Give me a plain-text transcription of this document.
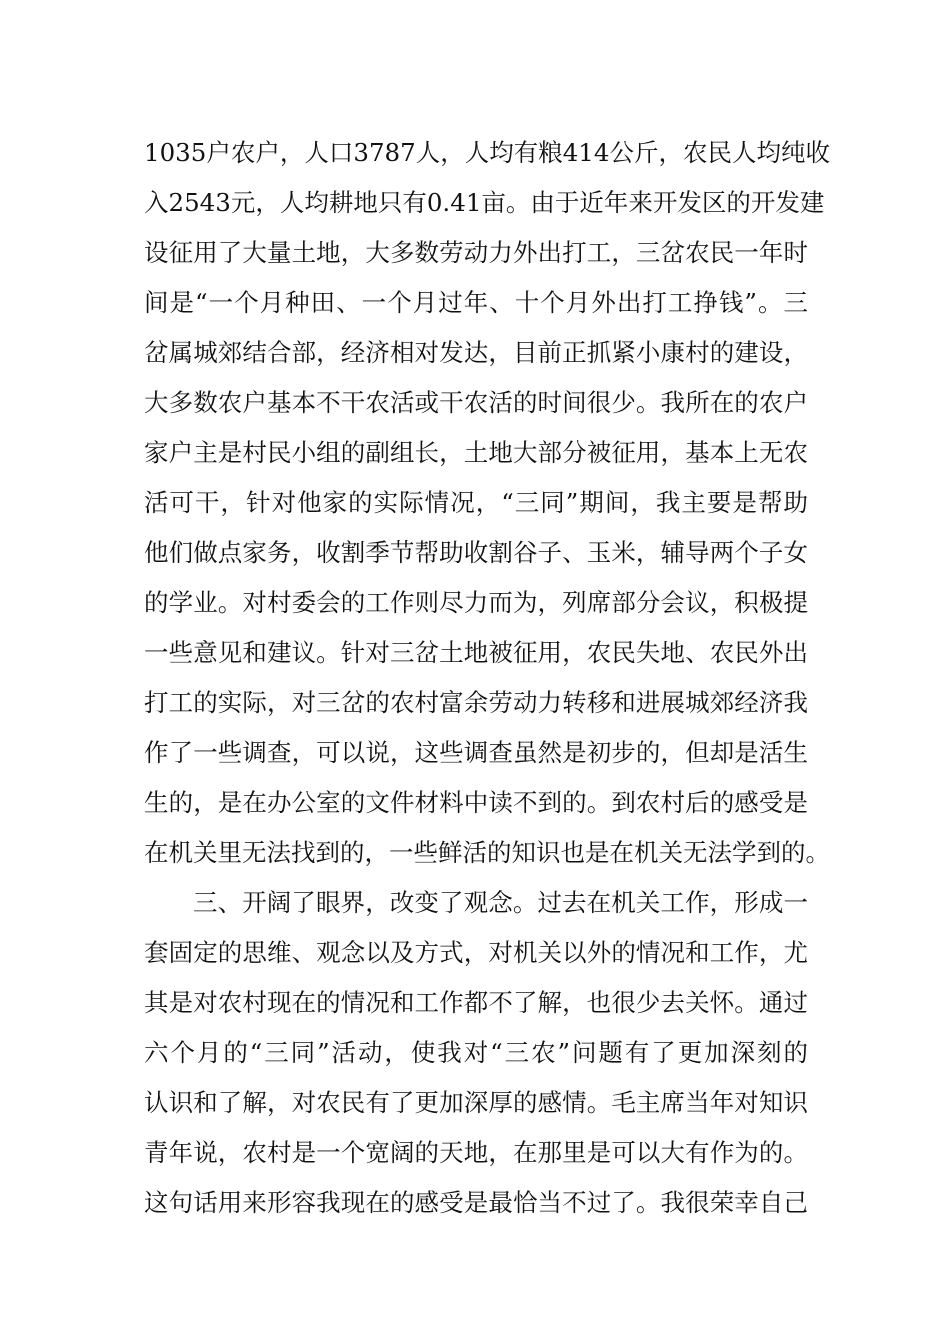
1035户农户，人口3787人，人均有粮414公斤，农民人均纯收
入2543元，人均耕地只有0.41亩。由于近年来开发区的开发建
设征用了大量土地，大多数劳动力外出打工，三岔农民一年时
间是“一个月种田、一个月过年、十个月外出打工挣钱”。三
岔属城郊结合部，经济相对发达，目前正抓紧小康村的建设，
大多数农户基本不干农活或干农活的时间很少。我所在的农户
家户主是村民小组的副组长，土地大部分被征用，基本上无农
活可干，针对他家的实际情况，“三同”期间，我主要是帮助
他们做点家务，收割季节帮助收割谷子、玉米，辅导两个子女
的学业。对村委会的工作则尽力而为，列席部分会议，积极提
一些意见和建议。针对三岔土地被征用，农民失地、农民外出
打工的实际，对三岔的农村富余劳动力转移和进展城郊经济我
作了一些调查，可以说，这些调查虽然是初步的，但却是活生
生的，是在办公室的文件材料中读不到的。到农村后的感受是
在机关里无法找到的，一些鲜活的知识也是在机关无法学到的。
三、开阔了眼界，改变了观念。过去在机关工作，形成一
套固定的思维、观念以及方式，对机关以外的情况和工作，尤
其是对农村现在的情况和工作都不了解，也很少去关怀。通过
六个月的“三同”活动，使我对“三农”问题有了更加深刻的
认识和了解，对农民有了更加深厚的感情。毛主席当年对知识
青年说，农村是一个宽阔的天地，在那里是可以大有作为的。
这句话用来形容我现在的感受是最恰当不过了。我很荣幸自己
